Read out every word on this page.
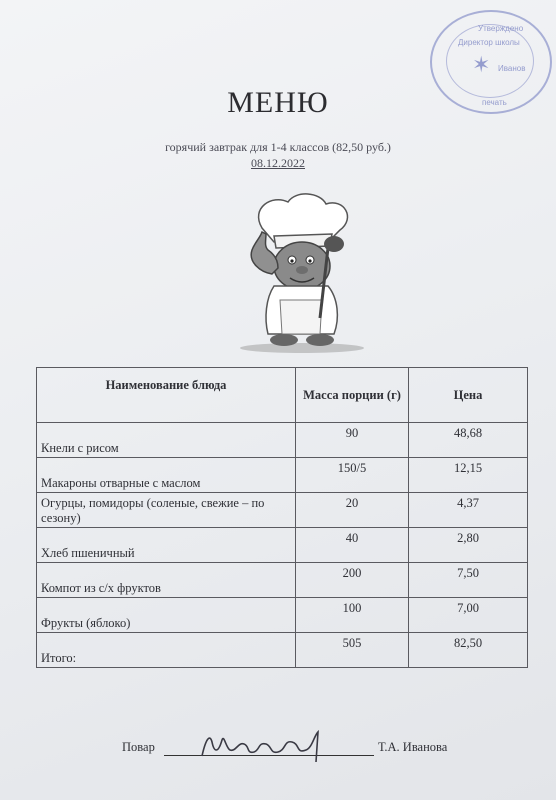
Утверждено
Директор школы
Иванов
печать
✶
МЕНЮ
горячий завтрак для 1-4 классов (82,50 руб.)
08.12.2022
Наименование блюда	Масса порции (г)	Цена
Кнели с рисом	90	48,68
Макароны отварные с маслом	150/5	12,15
Огурцы, помидоры (соленые, свежие – по сезону)	20	4,37
Хлеб пшеничный	40	2,80
Компот из с/х фруктов	200	7,50
Фрукты (яблоко)	100	7,00
Итого:	505	82,50
Повар	Т.А. Иванова
